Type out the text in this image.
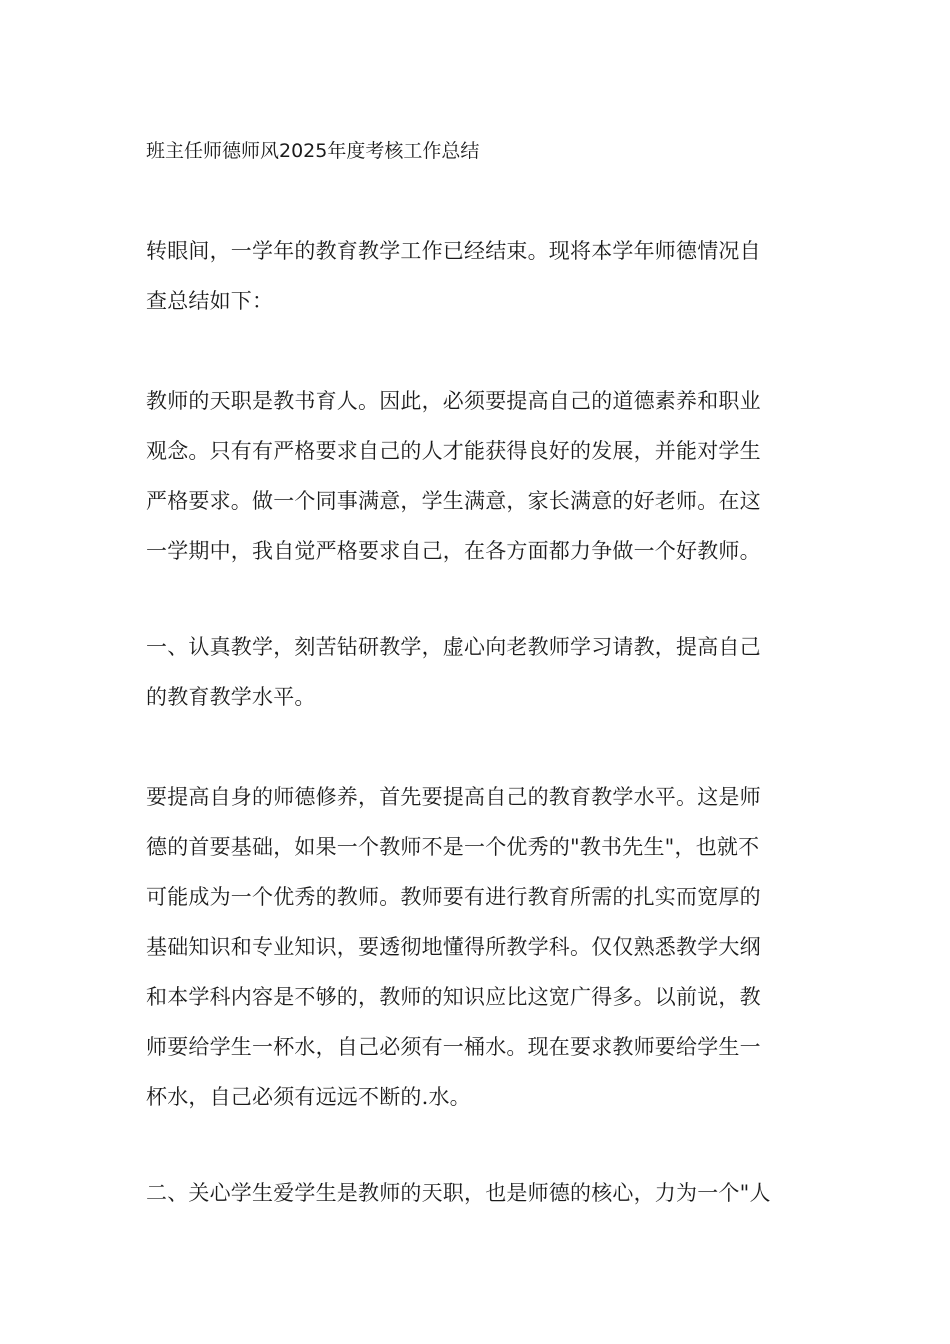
班主任师德师风2025年度考核工作总结
转眼间，一学年的教育教学工作已经结束。现将本学年师德情况自
查总结如下：
教师的天职是教书育人。因此，必须要提高自己的道德素养和职业
观念。只有有严格要求自己的人才能获得良好的发展，并能对学生
严格要求。做一个同事满意，学生满意，家长满意的好老师。在这
一学期中，我自觉严格要求自己，在各方面都力争做一个好教师。
一、认真教学，刻苦钻研教学，虚心向老教师学习请教，提高自己
的教育教学水平。
要提高自身的师德修养，首先要提高自己的教育教学水平。这是师
德的首要基础，如果一个教师不是一个优秀的"教书先生"，也就不
可能成为一个优秀的教师。教师要有进行教育所需的扎实而宽厚的
基础知识和专业知识，要透彻地懂得所教学科。仅仅熟悉教学大纲
和本学科内容是不够的，教师的知识应比这宽广得多。以前说，教
师要给学生一杯水，自己必须有一桶水。现在要求教师要给学生一
杯水，自己必须有远远不断的.水。
二、关心学生爱学生是教师的天职，也是师德的核心，力为一个"人
